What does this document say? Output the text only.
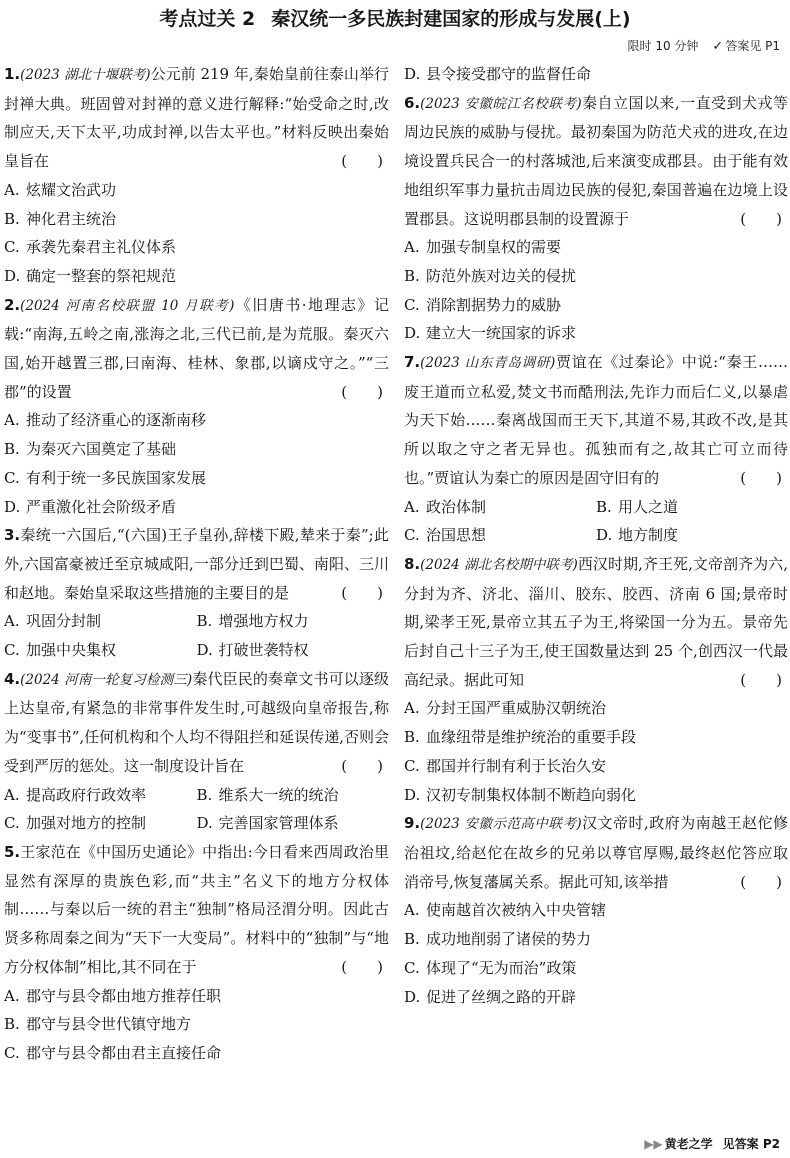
考点过关 2 秦汉统一多民族封建国家的形成与发展(上)
限时 10 分钟 ✓ 答案见 P1

1.(2023 湖北十堰联考)公元前 219 年,秦始皇前往泰山举行封禅大典。班固曾对封禅的意义进行解释:“始受命之时,改制应天,天下太平,功成封禅,以告太平也。”材料反映出秦始皇旨在	(　　)

A. 炫耀文治武功
B. 神化君主统治
C. 承袭先秦君主礼仪体系
D. 确定一整套的祭祀规范

2.(2024 河南名校联盟 10 月联考)《旧唐书·地理志》记载:“南海,五岭之南,涨海之北,三代已前,是为荒服。秦灭六国,始开越置三郡,曰南海、桂林、象郡,以谪戍守之。”“三郡”的设置	(　　)

A. 推动了经济重心的逐渐南移
B. 为秦灭六国奠定了基础
C. 有利于统一多民族国家发展
D. 严重激化社会阶级矛盾

3.秦统一六国后,“(六国)王子皇孙,辞楼下殿,辇来于秦”;此外,六国富豪被迁至京城咸阳,一部分迁到巴蜀、南阳、三川和赵地。秦始皇采取这些措施的主要目的是	(　　)

A. 巩固分封制	B. 增强地方权力
C. 加强中央集权	D. 打破世袭特权

4.(2024 河南一轮复习检测三)秦代臣民的奏章文书可以逐级上达皇帝,有紧急的非常事件发生时,可越级向皇帝报告,称为“变事书”,任何机构和个人均不得阻拦和延误传递,否则会受到严厉的惩处。这一制度设计旨在	(　　)

A. 提高政府行政效率	B. 维系大一统的统治
C. 加强对地方的控制	D. 完善国家管理体系

5.王家范在《中国历史通论》中指出:今日看来西周政治里显然有深厚的贵族色彩,而“共主”名义下的地方分权体制……与秦以后一统的君主“独制”格局泾渭分明。因此古贤多称周秦之间为“天下一大变局”。材料中的“独制”与“地方分权体制”相比,其不同在于	(　　)

A. 郡守与县令都由地方推荐任职
B. 郡守与县令世代镇守地方
C. 郡守与县令都由君主直接任命
D. 县令接受郡守的监督任命

6.(2023 安徽皖江名校联考)秦自立国以来,一直受到犬戎等周边民族的威胁与侵扰。最初秦国为防范犬戎的进攻,在边境设置兵民合一的村落城池,后来演变成郡县。由于能有效地组织军事力量抗击周边民族的侵犯,秦国普遍在边境上设置郡县。这说明郡县制的设置源于	(　　)

A. 加强专制皇权的需要
B. 防范外族对边关的侵扰
C. 消除割据势力的威胁
D. 建立大一统国家的诉求

7.(2023 山东青岛调研)贾谊在《过秦论》中说:“秦王……废王道而立私爱,焚文书而酷刑法,先诈力而后仁义,以暴虐为天下始……秦离战国而王天下,其道不易,其政不改,是其所以取之守之者无异也。孤独而有之,故其亡可立而待也。”贾谊认为秦亡的原因是固守旧有的	(　　)

A. 政治体制	B. 用人之道
C. 治国思想	D. 地方制度

8.(2024 湖北名校期中联考)西汉时期,齐王死,文帝剖齐为六,分封为齐、济北、淄川、胶东、胶西、济南 6 国;景帝时期,梁孝王死,景帝立其五子为王,将梁国一分为五。景帝先后封自己十三子为王,使王国数量达到 25 个,创西汉一代最高纪录。据此可知	(　　)

A. 分封王国严重威胁汉朝统治
B. 血缘纽带是维护统治的重要手段
C. 郡国并行制有利于长治久安
D. 汉初专制集权体制不断趋向弱化

9.(2023 安徽示范高中联考)汉文帝时,政府为南越王赵佗修治祖坟,给赵佗在故乡的兄弟以尊官厚赐,最终赵佗答应取消帝号,恢复藩属关系。据此可知,该举措	(　　)

A. 使南越首次被纳入中央管辖
B. 成功地削弱了诸侯的势力
C. 体现了“无为而治”政策
D. 促进了丝绸之路的开辟
▶▶ 黄老之学 见答案 P2
